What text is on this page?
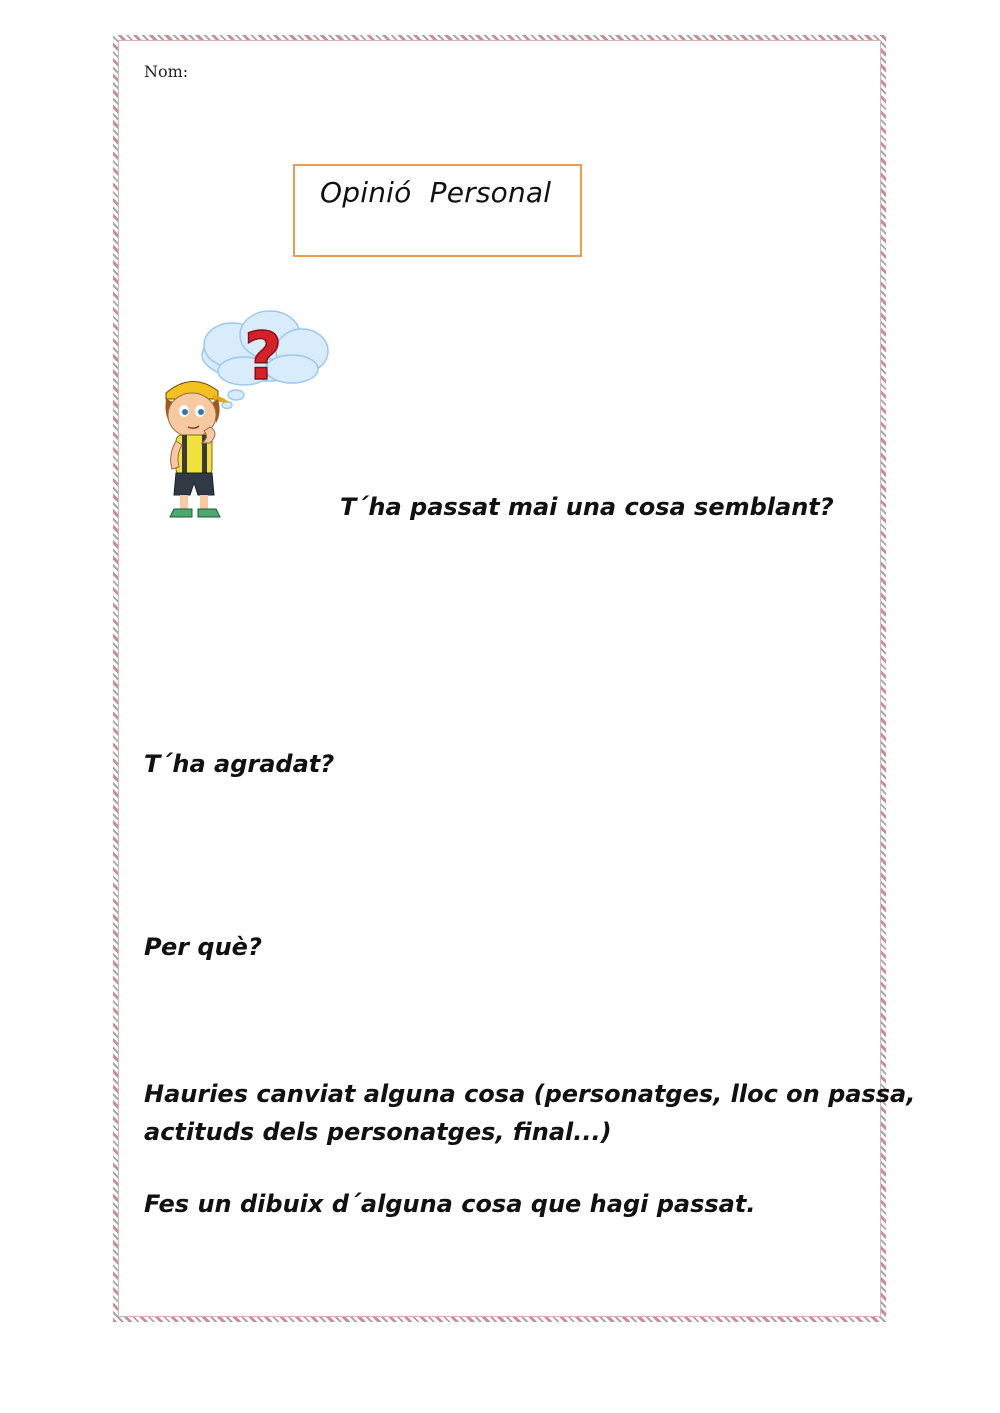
Nom:
Opinió  Personal
?
T´ha passat mai una cosa semblant?
T´ha agradat?
Per què?
Hauries canviat alguna cosa (personatges, lloc on passa,
actituds dels personatges, final...)
Fes un dibuix d´alguna cosa que hagi passat.
